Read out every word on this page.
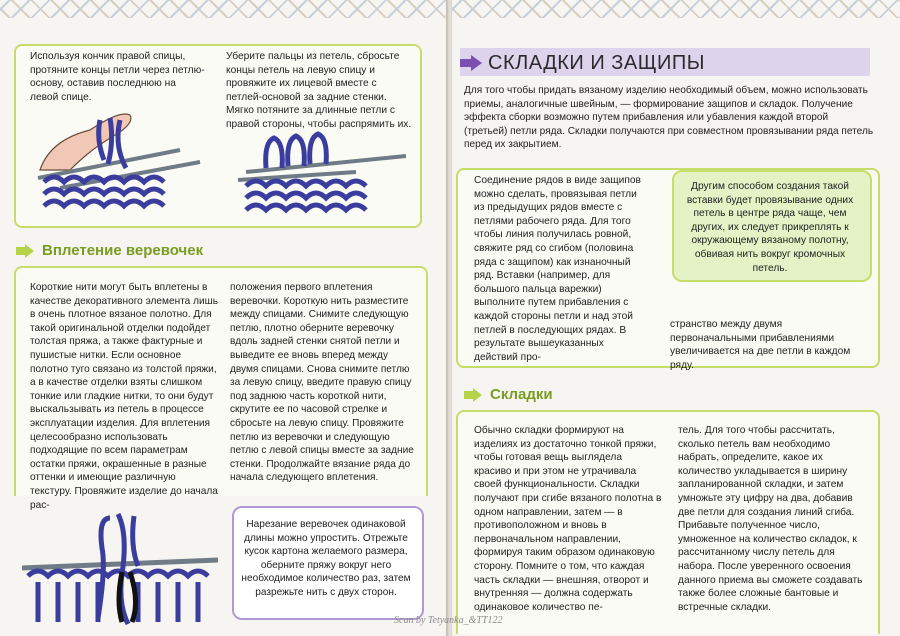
Используя кончик правой спицы, протяните концы петли через петлю-основу, оставив последнюю на левой спице.

Уберите пальцы из петель, сбросьте концы петель на левую спицу и провяжите их лицевой вместе с петлей-основой за задние стенки. Мягко потяните за длинные петли с правой стороны, чтобы распрямить их.

Вплетение веревочек

Короткие нити могут быть вплетены в качестве декоративного элемента лишь в очень плотное вязаное полотно. Для такой оригинальной отделки подойдет толстая пряжа, а также фактурные и пушистые нитки. Если основное полотно туго связано из толстой пряжи, а в качестве отделки взяты слишком тонкие или гладкие нитки, то они будут выскальзывать из петель в процессе эксплуатации изделия. Для вплетения целесообразно использовать подходящие по всем параметрам остатки пряжи, окрашенные в разные оттенки и имеющие различную текстуру. Провяжите изделие до начала рас-

положения первого вплетения веревочки. Короткую нить разместите между спицами. Снимите следующую петлю, плотно оберните веревочку вдоль задней стенки снятой петли и выведите ее вновь вперед между двумя спицами. Снова снимите петлю за левую спицу, введите правую спицу под заднюю часть короткой нити, скрутите ее по часовой стрелке и сбросьте на левую спицу. Провяжите петлю из веревочки и следующую петлю с левой спицы вместе за задние стенки. Продолжайте вязание ряда до начала следующего вплетения.

Нарезание веревочек одинаковой длины можно упростить. Отрежьте кусок картона желаемого размера, оберните пряжу вокруг него необходимое количество раз, затем разрежьте нить с двух сторон.

СКЛАДКИ И ЗАЩИПЫ

Для того чтобы придать вязаному изделию необходимый объем, можно использовать приемы, аналогичные швейным, — формирование защипов и складок. Получение эффекта сборки возможно путем прибавления или убавления каждой второй (третьей) петли ряда. Складки получаются при совместном провязывании ряда петель перед их закрытием.

Соединение рядов в виде защипов можно сделать, провязывая петли из предыдущих рядов вместе с петлями рабочего ряда. Для того чтобы линия получилась ровной, свяжите ряд со сгибом (половина ряда с защипом) как изнаночный ряд. Вставки (например, для большого пальца варежки) выполните путем прибавления с каждой стороны петли и над этой петлей в последующих рядах. В результате вышеуказанных действий про-

Другим способом создания такой вставки будет провязывание одних петель в центре ряда чаще, чем других, их следует прикреплять к окружающему вязаному полотну, обвивая нить вокруг кромочных петель.

странство между двумя первоначальными прибавлениями увеличивается на две петли в каждом ряду.

Складки

Обычно складки формируют на изделиях из достаточно тонкой пряжи, чтобы готовая вещь выглядела красиво и при этом не утрачивала своей функциональности. Складки получают при сгибе вязаного полотна в одном направлении, затем — в противоположном и вновь в первоначальном направлении, формируя таким образом одинаковую сторону. Помните о том, что каждая часть складки — внешняя, отворот и внутренняя — должна содержать одинаковое количество пе-

тель. Для того чтобы рассчитать, сколько петель вам необходимо набрать, определите, какое их количество укладывается в ширину запланированной складки, и затем умножьте эту цифру на два, добавив две петли для создания линий сгиба. Прибавьте полученное число, умноженное на количество складок, к рассчитанному числу петель для набора. После уверенного освоения данного приема вы сможете создавать также более сложные бантовые и встречные складки.

Scan by Tetyanka_&TT122
